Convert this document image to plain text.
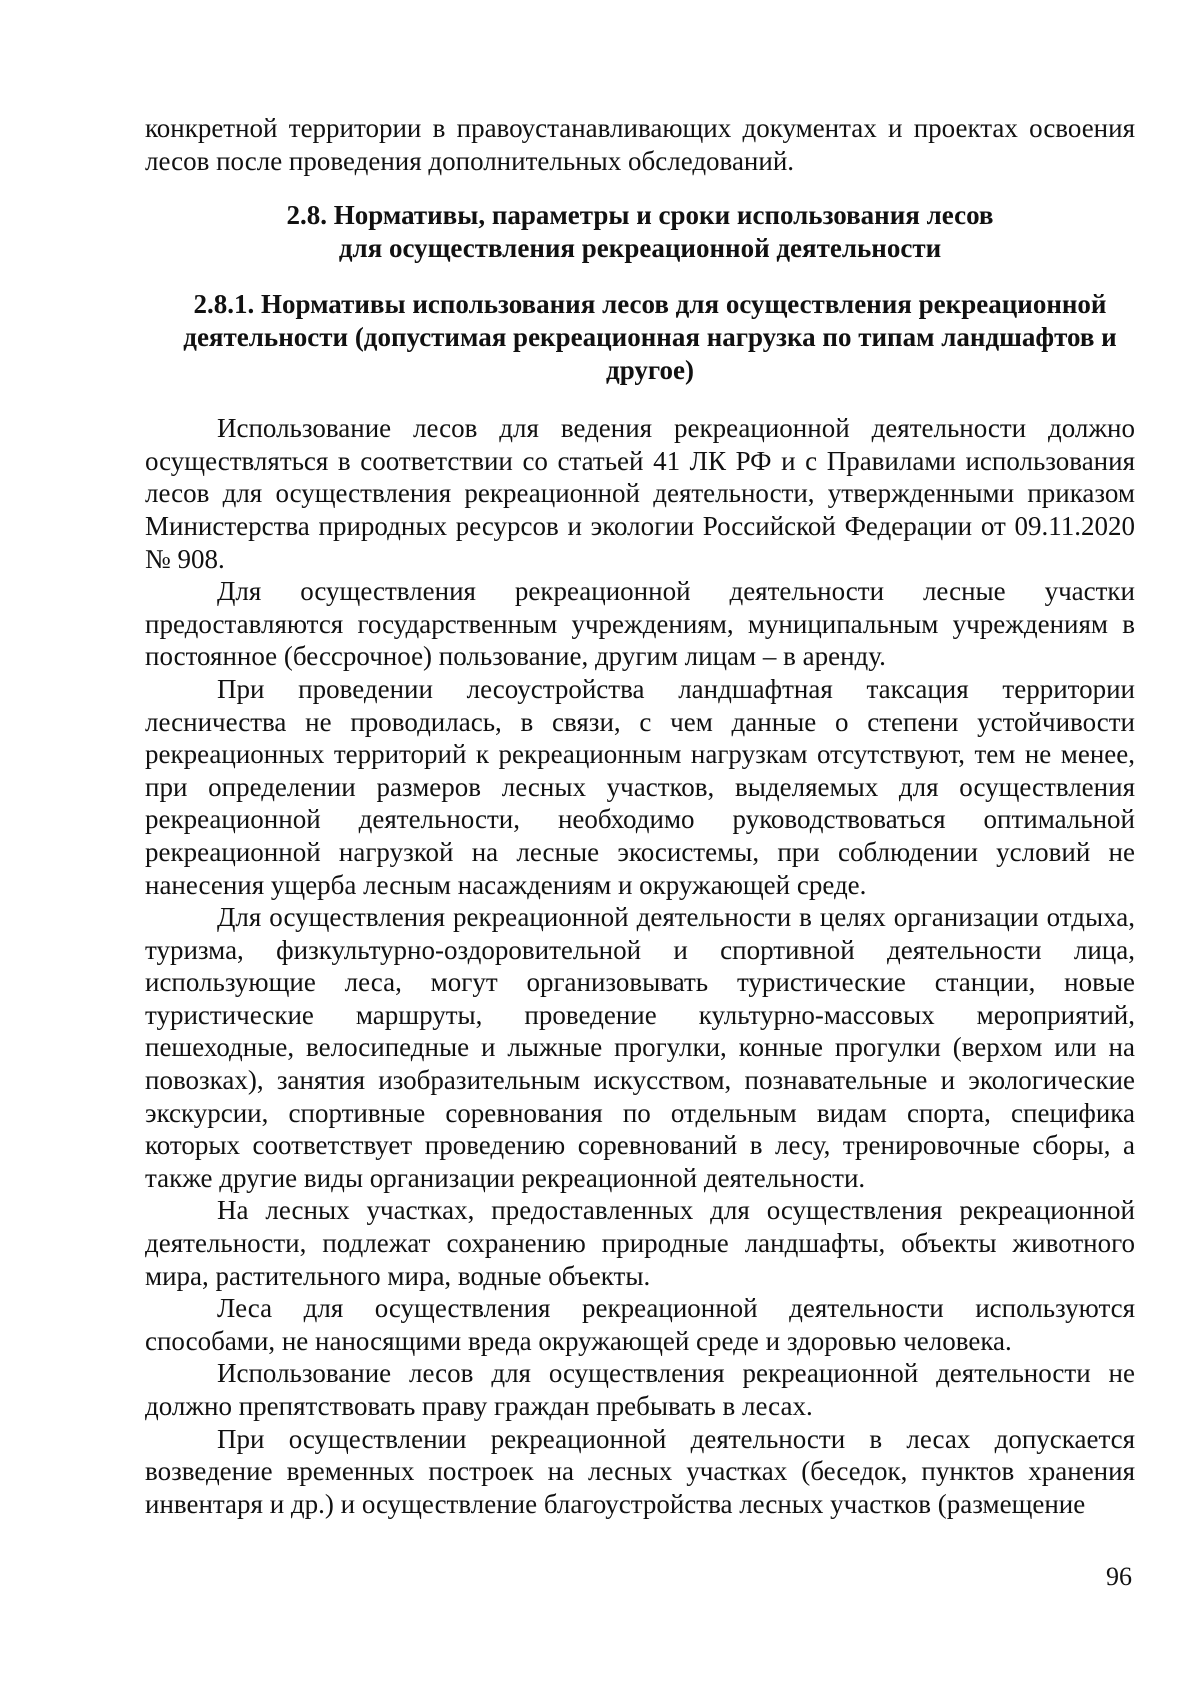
конкретной территории в правоустанавливающих документах и проектах освоения лесов после проведения дополнительных обследований.

2.8. Нормативы, параметры и сроки использования лесов для осуществления рекреационной деятельности
2.8.1. Нормативы использования лесов для осуществления рекреационной деятельности (допустимая рекреационная нагрузка по типам ландшафтов и другое)

Использование лесов для ведения рекреационной деятельности должно осуществляться в соответствии со статьей 41 ЛК РФ и с Правилами использования лесов для осуществления рекреационной деятельности, утвержденными приказом Министерства природных ресурсов и экологии Российской Федерации от 09.11.2020 № 908.

Для осуществления рекреационной деятельности лесные участки предоставляются государственным учреждениям, муниципальным учреждениям в постоянное (бессрочное) пользование, другим лицам – в аренду.

При проведении лесоустройства ландшафтная таксация территории лесничества не проводилась, в связи, с чем данные о степени устойчивости рекреационных территорий к рекреационным нагрузкам отсутствуют, тем не менее, при определении размеров лесных участков, выделяемых для осуществления рекреационной деятельности, необходимо руководствоваться оптимальной рекреационной нагрузкой на лесные экосистемы, при соблюдении условий не нанесения ущерба лесным насаждениям и окружающей среде.

Для осуществления рекреационной деятельности в целях организации отдыха, туризма, физкультурно-оздоровительной и спортивной деятельности лица, использующие леса, могут организовывать туристические станции, новые туристические маршруты, проведение культурно-массовых мероприятий, пешеходные, велосипедные и лыжные прогулки, конные прогулки (верхом или на повозках), занятия изобразительным искусством, познавательные и экологические экскурсии, спортивные соревнования по отдельным видам спорта, специфика которых соответствует проведению соревнований в лесу, тренировочные сборы, а также другие виды организации рекреационной деятельности.

На лесных участках, предоставленных для осуществления рекреационной деятельности, подлежат сохранению природные ландшафты, объекты животного мира, растительного мира, водные объекты.

Леса для осуществления рекреационной деятельности используются способами, не наносящими вреда окружающей среде и здоровью человека.

Использование лесов для осуществления рекреационной деятельности не должно препятствовать праву граждан пребывать в лесах.

При осуществлении рекреационной деятельности в лесах допускается возведение временных построек на лесных участках (беседок, пунктов хранения инвентаря и др.) и осуществление благоустройства лесных участков (размещение

96
